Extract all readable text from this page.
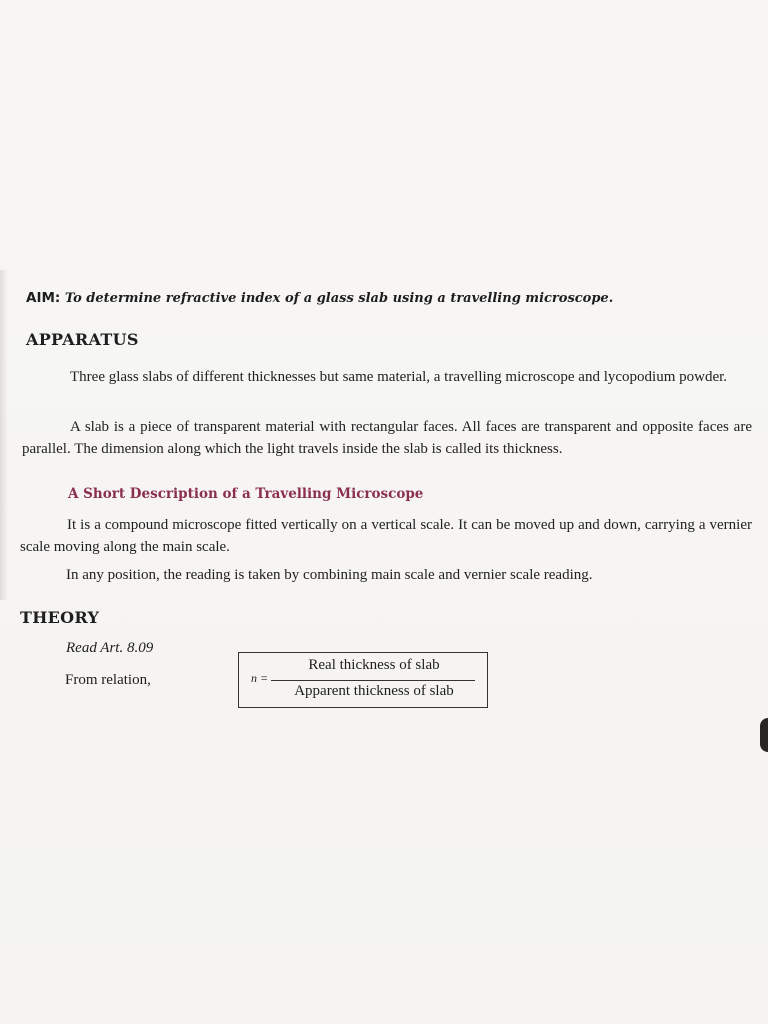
AIM: To determine refractive index of a glass slab using a travelling microscope.
APPARATUS
Three glass slabs of different thicknesses but same material, a travelling microscope and lycopodium powder.
A slab is a piece of transparent material with rectangular faces. All faces are transparent and opposite faces are parallel. The dimension along which the light travels inside the slab is called its thickness.
A Short Description of a Travelling Microscope
It is a compound microscope fitted vertically on a vertical scale. It can be moved up and down, carrying a vernier scale moving along the main scale.
In any position, the reading is taken by combining main scale and vernier scale reading.
THEORY
Read Art. 8.09
From relation,	n =
Real thickness of slab
Apparent thickness of slab
